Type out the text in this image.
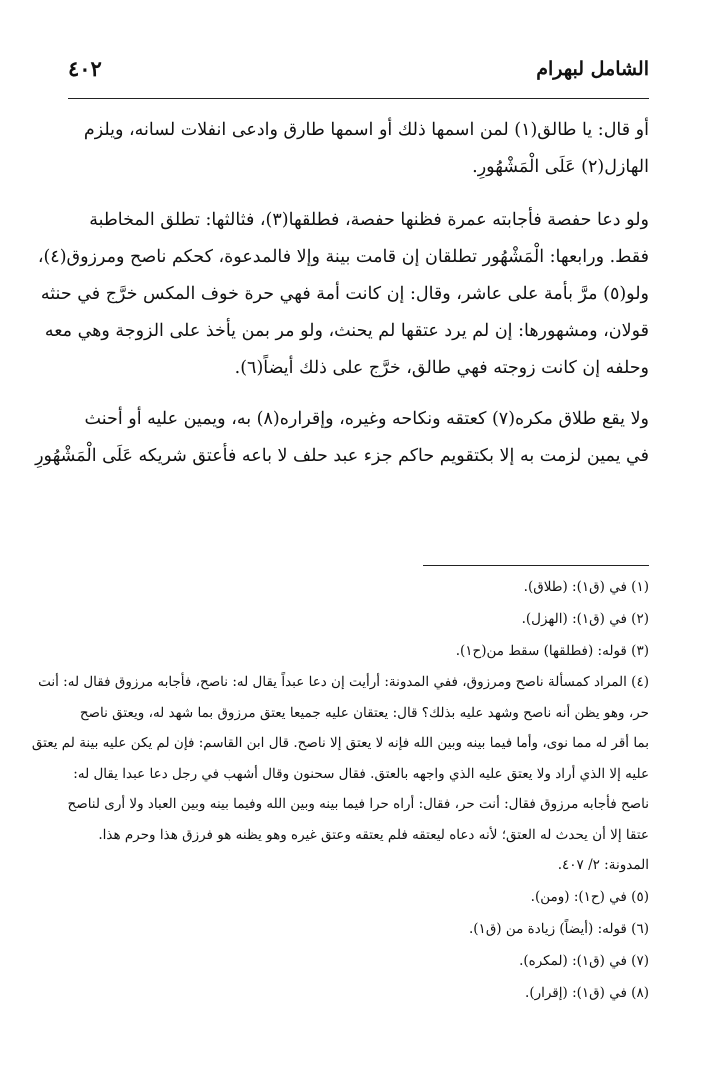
الشامل لبهرام
٤٠٢
أو قال: يا طالق(١) لمن اسمها ذلك أو اسمها طارق وادعى انفلات لسانه، ويلزم
الهازل(٢) عَلَى الْمَشْهُورِ.
ولو دعا حفصة فأجابته عمرة فظنها حفصة، فطلقها(٣)، فثالثها: تطلق المخاطبة
فقط. ورابعها: الْمَشْهُور تطلقان إن قامت بينة وإلا فالمدعوة، كحكم ناصح ومرزوق(٤)،
ولو(٥) مرَّ بأمة على عاشر، وقال: إن كانت أمة فهي حرة خوف المكس خرَّج في حنثه
قولان، ومشهورها: إن لم يرد عتقها لم يحنث، ولو مر بمن يأخذ على الزوجة وهي معه
وحلفه إن كانت زوجته فهي طالق، خرَّج على ذلك أيضاً(٦).
ولا يقع طلاق مكره(٧) كعتقه ونكاحه وغيره، وإقراره(٨) به، ويمين عليه أو أحنث
في يمين لزمت به إلا بكتقويم حاكم جزء عبد حلف لا باعه فأعتق شريكه عَلَى الْمَشْهُورِ

(١) في (ق١): (طلاق).

(٢) في (ق١): (الهزل).

(٣) قوله: (فطلقها) سقط من(ح١).

(٤) المراد كمسألة ناصح ومرزوق، ففي المدونة: أرأيت إن دعا عبداً يقال له: ناصح، فأجابه مرزوق فقال له: أنت
حر، وهو يظن أنه ناصح وشهد عليه بذلك؟ قال: يعتقان عليه جميعا يعتق مرزوق بما شهد له، ويعتق ناصح
بما أقر له مما نوى، وأما فيما بينه وبين الله فإنه لا يعتق إلا ناصح. قال ابن القاسم: فإن لم يكن عليه بينة لم يعتق
عليه إلا الذي أراد ولا يعتق عليه الذي واجهه بالعتق. فقال سحنون وقال أشهب في رجل دعا عبدا يقال له:
ناصح فأجابه مرزوق فقال: أنت حر، فقال: أراه حرا فيما بينه وبين الله وفيما بينه وبين العباد ولا أرى لناصح
عتقا إلا أن يحدث له العتق؛ لأنه دعاه ليعتقه فلم يعتقه وعتق غيره وهو يظنه هو فرزق هذا وحرم هذا.
المدونة: ٢/ ٤٠٧.

(٥) في (ح١): (ومن).

(٦) قوله: (أيضاً) زيادة من (ق١).

(٧) في (ق١): (لمكره).

(٨) في (ق١): (إقرار).
